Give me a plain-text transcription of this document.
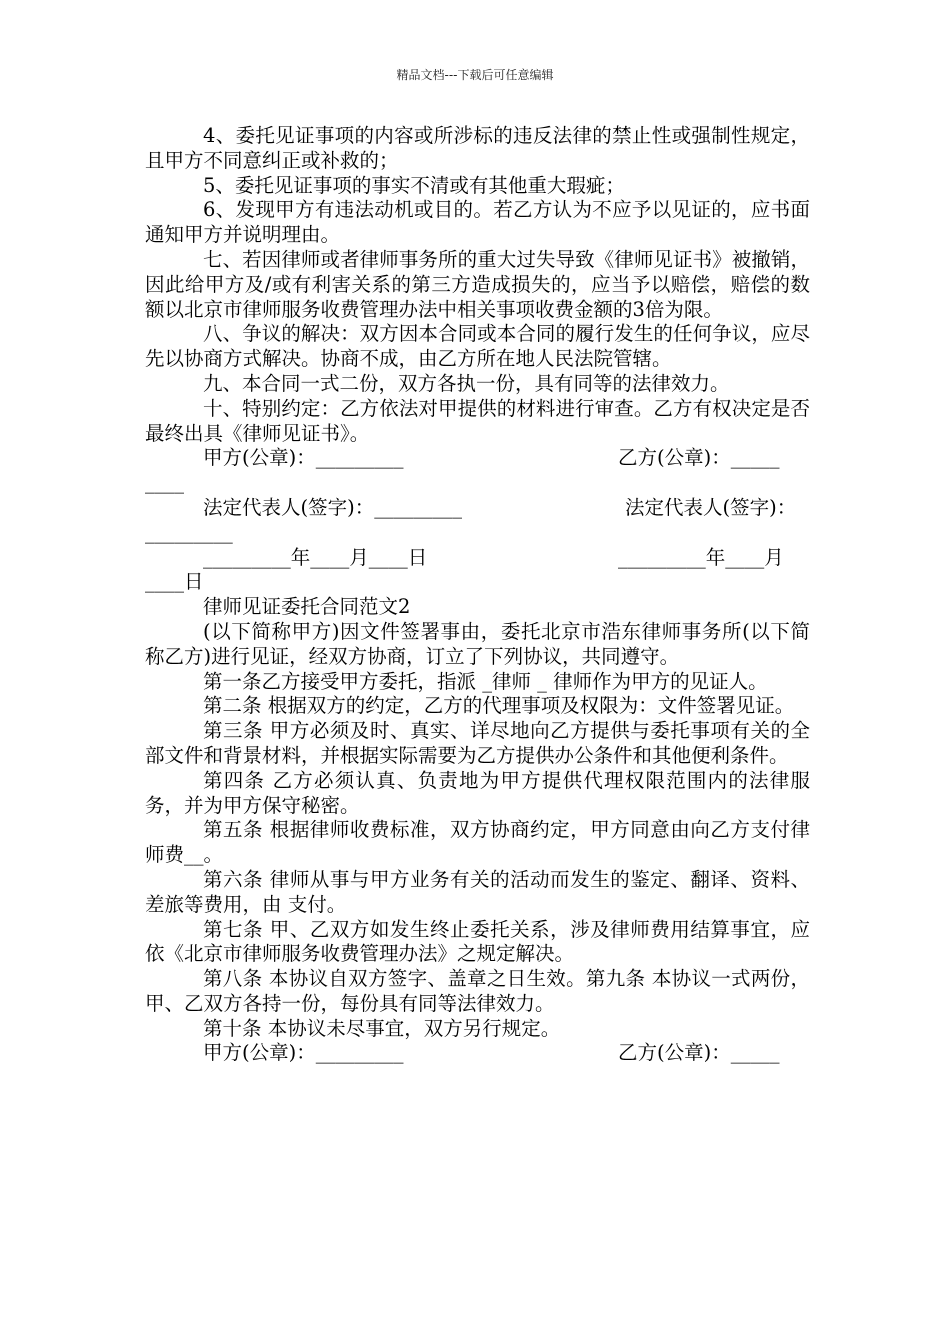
精品文档---下载后可任意编辑

4、委托见证事项的内容或所涉标的违反法律的禁止性或强制性规定，且甲方不同意纠正或补救的；

5、委托见证事项的事实不清或有其他重大瑕疵；

6、发现甲方有违法动机或目的。若乙方认为不应予以见证的，应书面通知甲方并说明理由。

七、若因律师或者律师事务所的重大过失导致《律师见证书》被撤销，因此给甲方及/或有利害关系的第三方造成损失的，应当予以赔偿，赔偿的数额以北京市律师服务收费管理办法中相关事项收费金额的3倍为限。

八、争议的解决：双方因本合同或本合同的履行发生的任何争议，应尽先以协商方式解决。协商不成，由乙方所在地人民法院管辖。

九、本合同一式二份，双方各执一份，具有同等的法律效力。

十、特别约定：乙方依法对甲提供的材料进行审查。乙方有权决定是否最终出具《律师见证书》。

甲方(公章)：_________	乙方(公章)：_____
____
法定代表人(签字)：_________	法定代表人(签字)：
_________
_________年____月____日	_________年____月
____日

律师见证委托合同范文2

(以下简称甲方)因文件签署事由，委托北京市浩东律师事务所(以下简称乙方)进行见证，经双方协商，订立了下列协议，共同遵守。

第一条乙方接受甲方委托，指派 _律师 _ 律师作为甲方的见证人。

第二条 根据双方的约定，乙方的代理事项及权限为：文件签署见证。

第三条 甲方必须及时、真实、详尽地向乙方提供与委托事项有关的全部文件和背景材料，并根据实际需要为乙方提供办公条件和其他便利条件。

第四条 乙方必须认真、负责地为甲方提供代理权限范围内的法律服务，并为甲方保守秘密。

第五条 根据律师收费标准，双方协商约定，甲方同意由向乙方支付律师费__。

第六条 律师从事与甲方业务有关的活动而发生的鉴定、翻译、资料、差旅等费用，由 支付。

第七条 甲、乙双方如发生终止委托关系，涉及律师费用结算事宜，应依《北京市律师服务收费管理办法》之规定解决。

第八条 本协议自双方签字、盖章之日生效。第九条 本协议一式两份，甲、乙双方各持一份，每份具有同等法律效力。

第十条 本协议未尽事宜，双方另行规定。

甲方(公章)：_________	乙方(公章)：_____
